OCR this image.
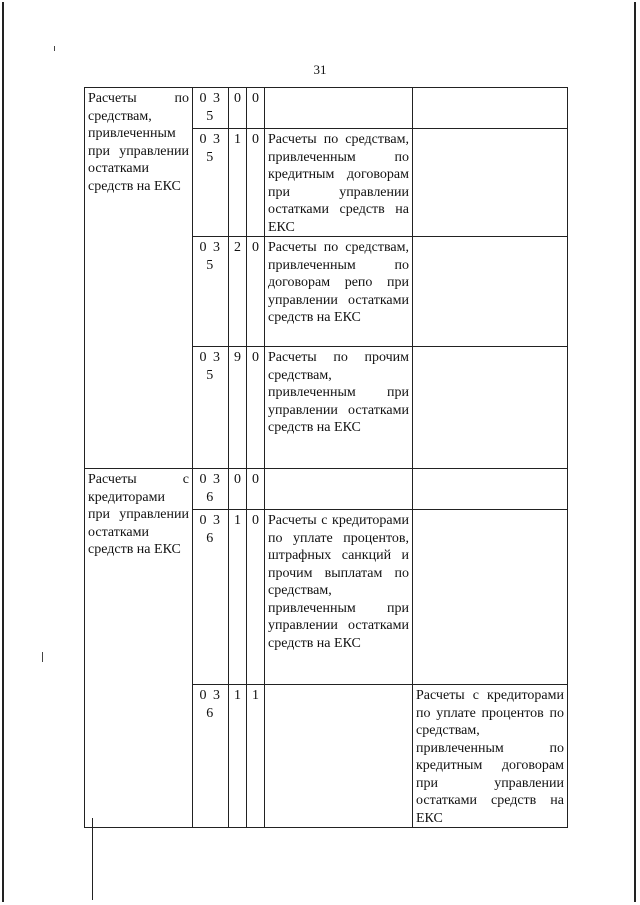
31
Расчеты по средствам, привлеченным при управлении остатками средств на ЕКС	0 3 5	0	0		
	0 3 5	1	0	Расчеты по средствам, привлеченным по кредитным договорам при управлении остатками средств на ЕКС	
	0 3 5	2	0	Расчеты по средствам, привлеченным по договорам репо при управлении остатками средств на ЕКС	
	0 3 5	9	0	Расчеты по прочим средствам, привлеченным при управлении остатками средств на ЕКС	
Расчеты с кредиторами при управлении остатками средств на ЕКС	0 3 6	0	0		
	0 3 6	1	0	Расчеты с кредиторами по уплате процентов, штрафных санкций и прочим выплатам по средствам, привлеченным при управлении остатками средств на ЕКС	
	0 3 6	1	1		Расчеты с кредиторами по уплате процентов по средствам, привлеченным по кредитным договорам при управлении остатками средств на ЕКС
